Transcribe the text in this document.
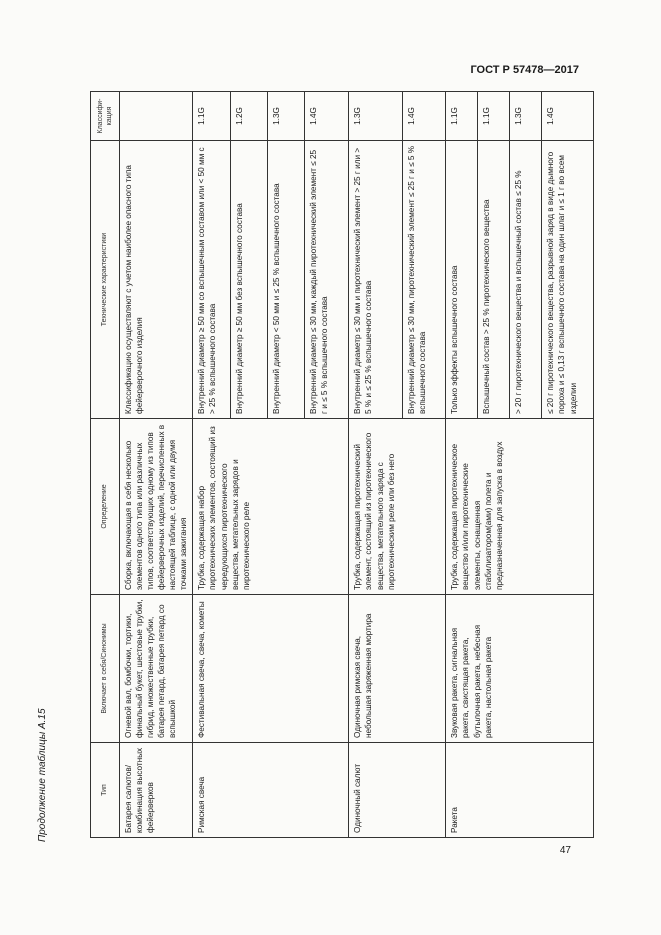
ГОСТ Р 57478—2017
Продолжение таблицы А.15	Тип	Включает в себя/Синонимы	Определение	Технические характеристики	Классифи-кация
Батарея салютов/ комбинация высотных фейерверков	Огневой вал, бомбочки, тортики, финальный букет, шестовые трубки, гибрид, множественные трубки, батарея петард, батарея петард со вспышкой	Сборка, включающая в себя несколько элементов одного типа или различных типов, соответствующих одному из типов фейерверочных изделий, перечисленных в настоящей таблице, с одной или двумя точками зажигания	Классификацию осуществляют с учетом наиболее опасного типа фейерверочного изделия	
Римская свеча	Фестивальная свеча, свеча, кометы	Трубка, содержащая набор пиротехнических элементов, состоящий из чередующихся пиротехнического вещества, метательных зарядов и пиротехнического реле	Внутренний диаметр ≥ 50 мм со вспышечным составом или < 50 мм с > 25 % вспышечного состава	1.1G
			Внутренний диаметр ≥ 50 мм без вспышечного состава	1.2G
			Внутренний диаметр < 50 мм и ≤ 25 % вспышечного состава	1.3G
			Внутренний диаметр ≤ 30 мм, каждый пиротехнический элемент ≤ 25 г и ≤ 5 % вспышечного состава	1.4G
Одиночный салют	Одиночная римская свеча, небольшая заряженная мортира	Трубка, содержащая пиротехнический элемент, состоящий из пиротехнического вещества, метательного заряда с пиротехническим реле или без него	Внутренний диаметр ≤ 30 мм и пиротехнический элемент > 25 г или > 5 % и ≤ 25 % вспышечного состава	1.3G
			Внутренний диаметр ≤ 30 мм, пиротехнический элемент ≤ 25 г и ≤ 5 % вспышечного состава	1.4G
Ракета	Звуковая ракета, сигнальная ракета, свистящая ракета, бутылочная ракета, небесная ракета, настольная ракета	Трубка, содержащая пиротехническое вещество и/или пиротехнические элементы, оснащенная стабилизатором(ами) полета и предназначенная для запуска в воздух	Только эффекты вспышечного состава	1.1G
			Вспышечный состав > 25 % пиротехнического вещества	1.1G
			> 20 г пиротехнического вещества и вспышечный состав ≤ 25 %	1.3G
			≤ 20 г пиротехнического вещества, разрывной заряд в виде дымного пороха и ≤ 0,13 г вспышечного состава на один шлаг и ≤ 1 г во всем изделии	1.4G
47
